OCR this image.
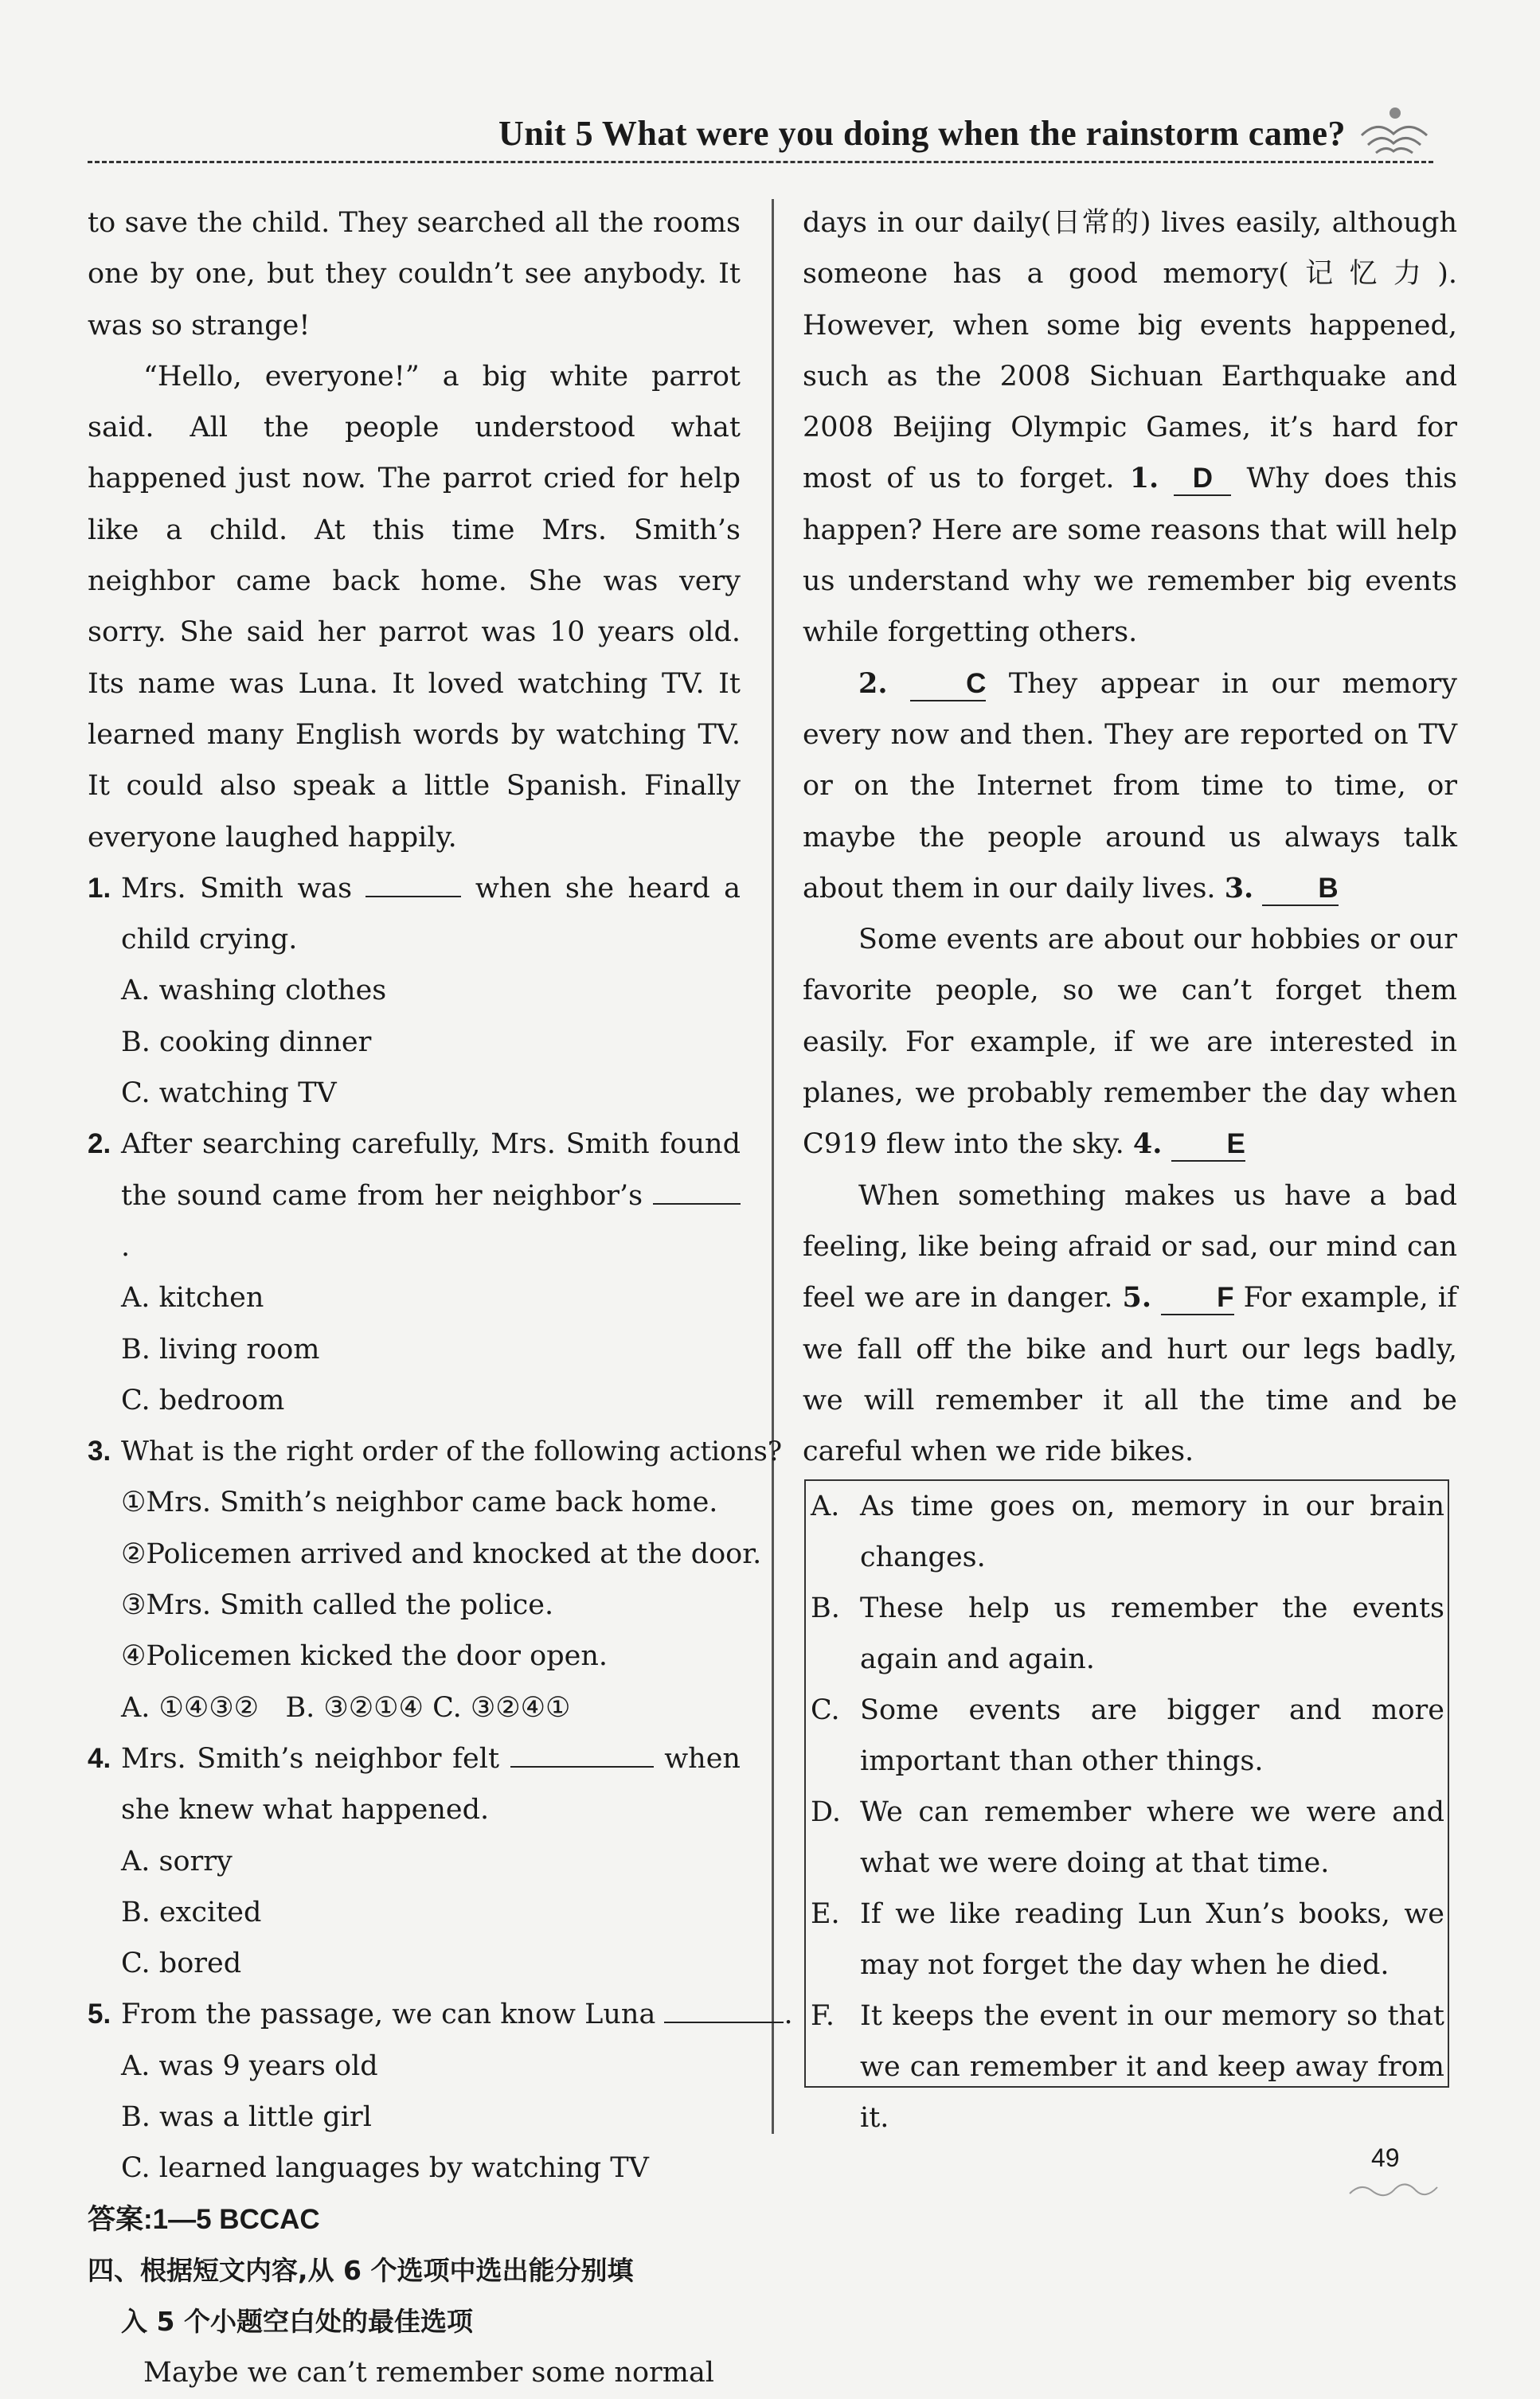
Unit 5 What were you doing when the rainstorm came?

to save the child. They searched all the rooms one by one, but they couldn’t see anybody. It was so strange!

“Hello, everyone!” a big white parrot said. All the people understood what happened just now. The parrot cried for help like a child. At this time Mrs. Smith’s neighbor came back home. She was very sorry. She said her parrot was 10 years old. Its name was Luna. It loved watching TV. It learned many English words by watching TV. It could also speak a little Spanish. Finally everyone laughed happily.

1. Mrs. Smith was	when she heard a child crying.

A. washing clothes
B. cooking dinner
C. watching TV
2. After searching carefully, Mrs. Smith found the sound came from her neighbor’s .

A. kitchen
B. living room
C. bedroom
3. What is the right order of the following actions?

①Mrs. Smith’s neighbor came back home.
②Policemen arrived and knocked at the door.
③Mrs. Smith called the police.
④Policemen kicked the door open.
A. ①④③② B. ③②①④ C. ③②④①
4. Mrs. Smith’s neighbor felt	when she knew what happened.

A. sorry
B. excited
C. bored
5. From the passage, we can know Luna	.

A. was 9 years old
B. was a little girl
C. learned languages by watching TV
答案:1—5 BCCAC
四、根据短文内容,从 6 个选项中选出能分别填
入 5 个小题空白处的最佳选项

Maybe we can’t remember some normal

days in our daily(日常的) lives easily, although someone has a good memory(记忆力). However, when some big events happened, such as the 2008 Sichuan Earthquake and 2008 Beijing Olympic Games, it’s hard for most of us to forget. 1. D Why does this happen? Here are some reasons that will help us understand why we remember big events while forgetting others.

2.	C They appear in our memory every now and then. They are reported on TV or on the Internet from time to time, or maybe the people around us always talk about them in our daily lives. 3. B

Some events are about our hobbies or our favorite people, so we can’t forget them easily. For example, if we are interested in planes, we probably remember the day when C919 flew into the sky. 4. E

When something makes us have a bad feeling, like being afraid or sad, our mind can feel we are in danger. 5. F For example, if we fall off the bike and hurt our legs badly, we will remember it all the time and be careful when we ride bikes.

A. As time goes on, memory in our brain changes.
B. These help us remember the events again and again.
C. Some events are bigger and more important than other things.
D. We can remember where we were and what we were doing at that time.
E. If we like reading Lun Xun’s books, we may not forget the day when he died.
F. It keeps the event in our memory so that we can remember it and keep away from it.
49
